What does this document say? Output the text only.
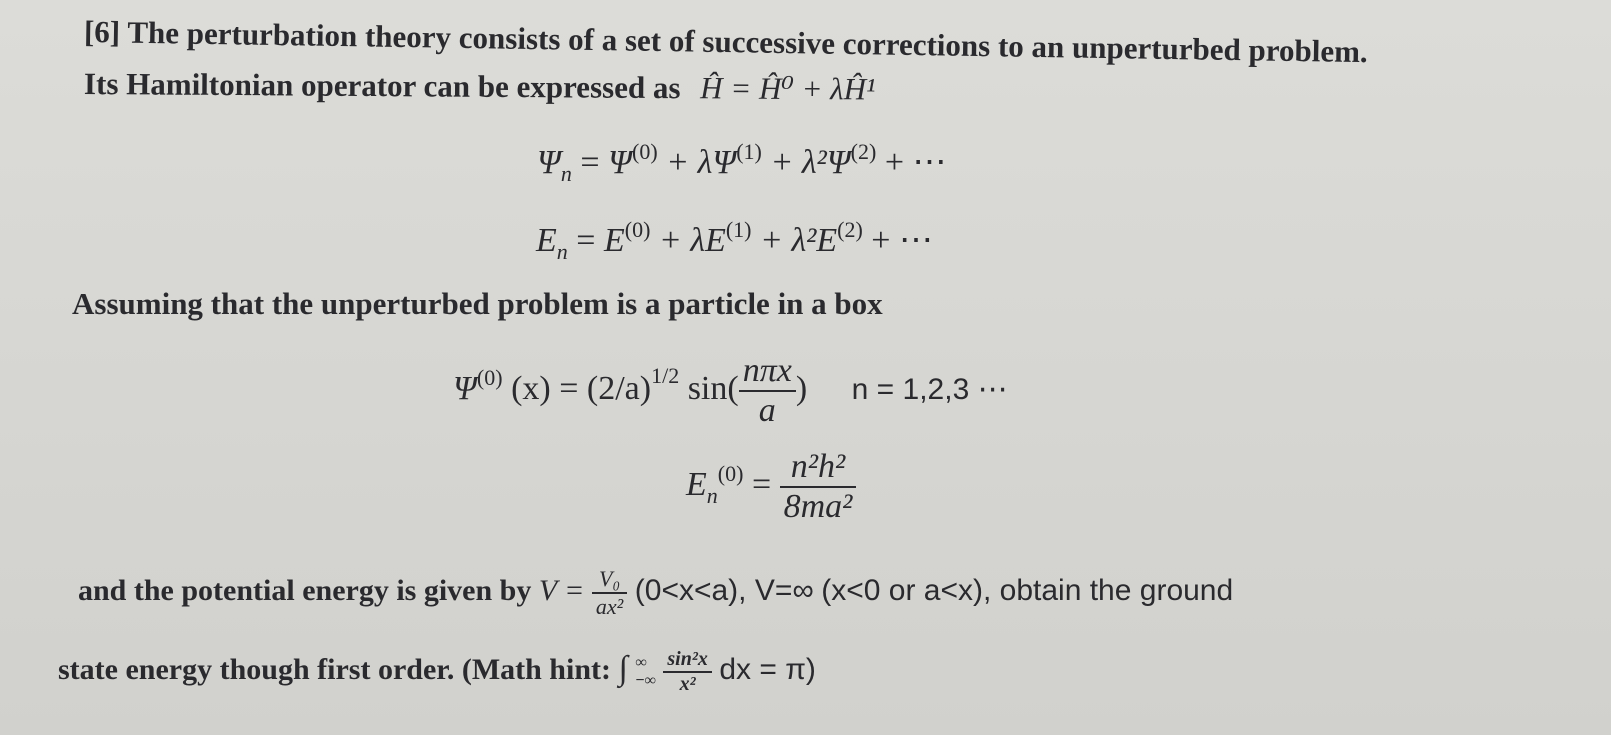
[6] The perturbation theory consists of a set of successive corrections to an unperturbed problem.
Its Hamiltonian operator can be expressed as Ĥ = Ĥ⁰ + λĤ¹
$\Psi_n = \Psi^{(0)} + \lambda\Psi^{(1)} + \lambda^2\Psi^{(2)}$ + ⋯
$E_n = E^{(0)} + \lambda E^{(1)} + \lambda^2E^{(2)}$ + ⋯
Assuming that the unperturbed problem is a particle in a box
$\Psi^{(0)}$ $(x) = (2/a)^{1/2}$ $\sin( \frac{\text{nπx}}{a}$ ) n = 1,2,3 ⋯
$E_n^{(0)} = \frac{\text{n²h²}}{\text{8ma²}}$
and the potential energy is given by $V = \frac{\text{V₀}}{\text{ax²}} (0<x<a)$, V=∞ (x<0 or a<x), obtain the ground
state energy though first order. (Math hint: ∫ ∞
−∞
$\frac{\text{sin²x}}{\text{x²}}$ dx = π)
